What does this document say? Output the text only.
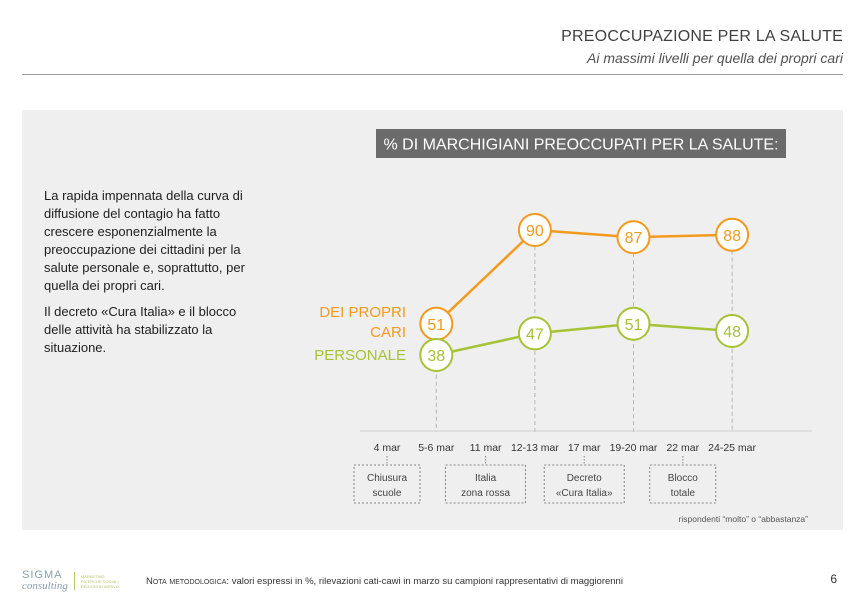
PREOCCUPAZIONE PER LA SALUTE
Ai massimi livelli per quella dei propri cari

La rapida impennata della curva di diffusione del contagio ha fatto crescere esponenzialmente la preoccupazione dei cittadini per la salute personale e, soprattutto, per quella dei propri cari.

Il decreto «Cura Italia» e il blocco delle attività ha stabilizzato la situazione.

% DI MARCHIGIANI PREOCCUPATI PER LA SALUTE:
4 mar 5-6 mar 11 mar 12-13 mar 17 mar 19-20 mar 22 mar 24-25 mar
Chiusura
scuole
Italia
zona rossa
Decreto
«Cura Italia»
Blocco
totale
51
90	87	88
DEI PROPRI
CARI
38
47
51	48
PERSONALE
rispondenti “molto” o “abbastanza”
SIGMA
consulting
MARKETING
RICERCHE SOCIALI
REGIONI IN ARRIVO	Nota metodologica: valori espressi in %, rilevazioni cati-cawi in marzo su campioni rappresentativi di maggiorenni	6
